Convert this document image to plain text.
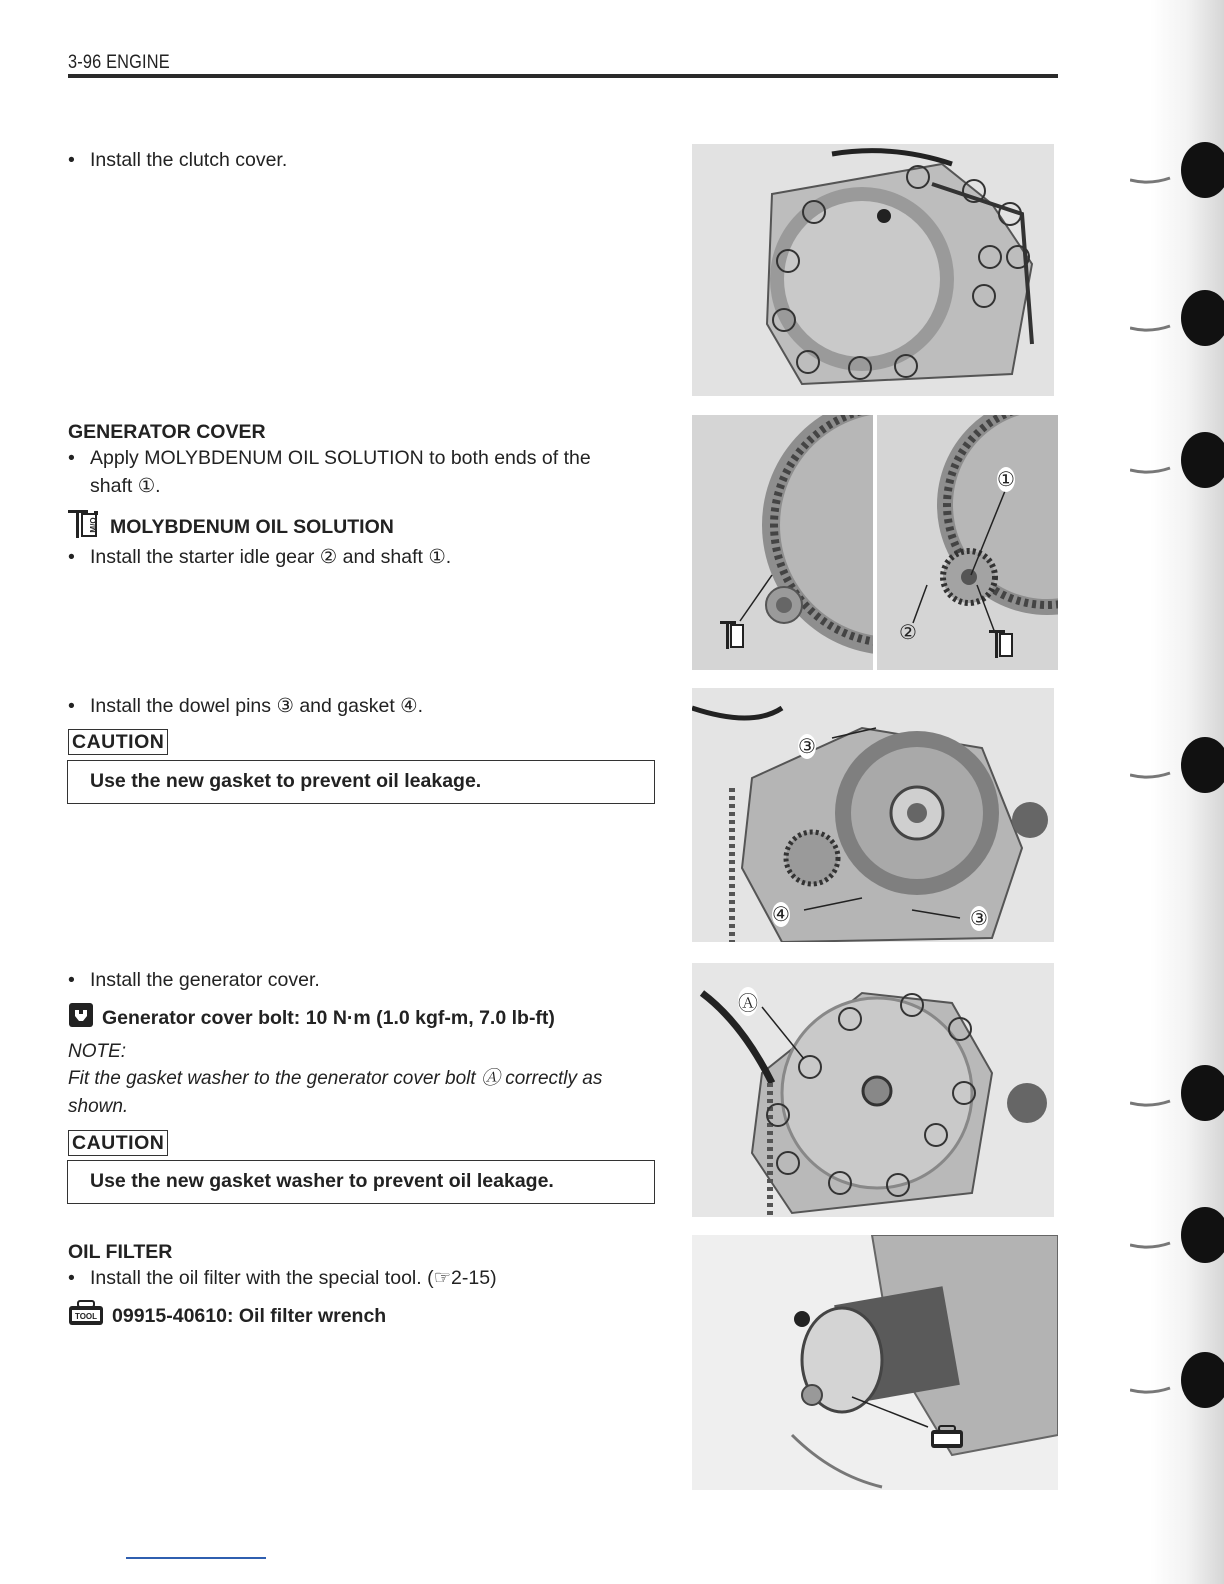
3-96 ENGINE
• Install the clutch cover.
GENERATOR COVER
• Apply MOLYBDENUM OIL SOLUTION to both ends of the
shaft ①.
M/O MOLYBDENUM OIL SOLUTION
• Install the starter idle gear ② and shaft ①.
• Install the dowel pins ③ and gasket ④.
CAUTION
Use the new gasket to prevent oil leakage.
• Install the generator cover.
Generator cover bolt: 10 N·m (1.0 kgf-m, 7.0 lb-ft)
NOTE:
Fit the gasket washer to the generator cover bolt Ⓐ correctly as
shown.
CAUTION
Use the new gasket washer to prevent oil leakage.
OIL FILTER
• Install the oil filter with the special tool. (☞2-15)
TOOL 09915-40610: Oil filter wrench
①
②
③
④	③
Ⓐ
